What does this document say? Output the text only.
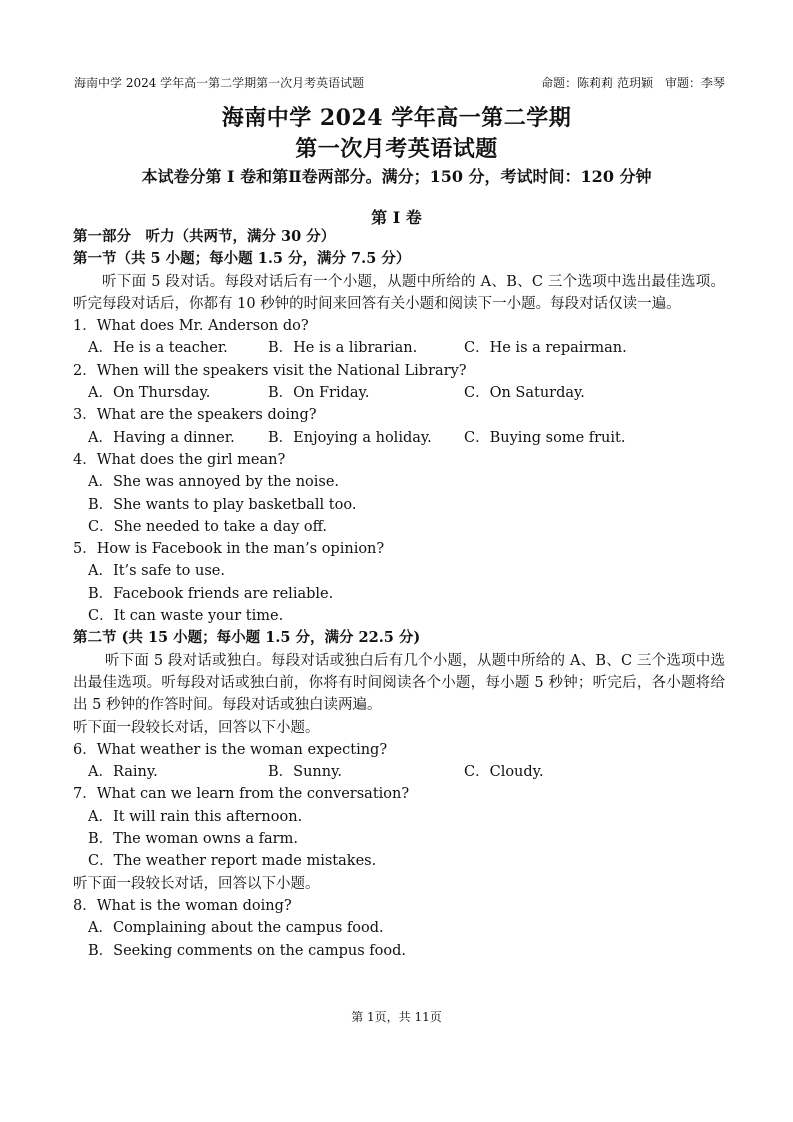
海南中学 2024 学年高一第二学期第一次月考英语试题	命题：陈莉莉 范玥颖　审题：李琴
海南中学 2024 学年高一第二学期
第一次月考英语试题
本试卷分第 I 卷和第Ⅱ卷两部分。满分；150 分，考试时间：120 分钟
第 I 卷
第一部分　听力（共两节，满分 30 分）
第一节（共 5 小题；每小题 1.5 分，满分 7.5 分）
听下面 5 段对话。每段对话后有一个小题，从题中所给的 A、B、C 三个选项中选出最佳选项。听完每段对话后，你都有 10 秒钟的时间来回答有关小题和阅读下一小题。每段对话仅读一遍。
1．What does Mr. Anderson do?
A．He is a teacher.	B．He is a librarian.	C．He is a repairman.
2．When will the speakers visit the National Library?
A．On Thursday.	B．On Friday.	C．On Saturday.
3．What are the speakers doing?
A．Having a dinner. B．Enjoying a holiday. C．Buying some fruit.
4．What does the girl mean?
A．She was annoyed by the noise.
B．She wants to play basketball too.
C．She needed to take a day off.
5．How is Facebook in the man’s opinion?
A．It’s safe to use.
B．Facebook friends are reliable.
C．It can waste your time.
第二节 (共 15 小题；每小题 1.5 分，满分 22.5 分)
听下面 5 段对话或独白。每段对话或独白后有几个小题，从题中所给的 A、B、C 三个选项中选出最佳选项。听每段对话或独白前，你将有时间阅读各个小题，每小题 5 秒钟；听完后，各小题将给出 5 秒钟的作答时间。每段对话或独白读两遍。
听下面一段较长对话，回答以下小题。
6．What weather is the woman expecting?
A．Rainy.	B．Sunny.	C．Cloudy.
7．What can we learn from the conversation?
A．It will rain this afternoon.
B．The woman owns a farm.
C．The weather report made mistakes.
听下面一段较长对话，回答以下小题。
8．What is the woman doing?
A．Complaining about the campus food.
B．Seeking comments on the campus food.
第 1页，共 11页
